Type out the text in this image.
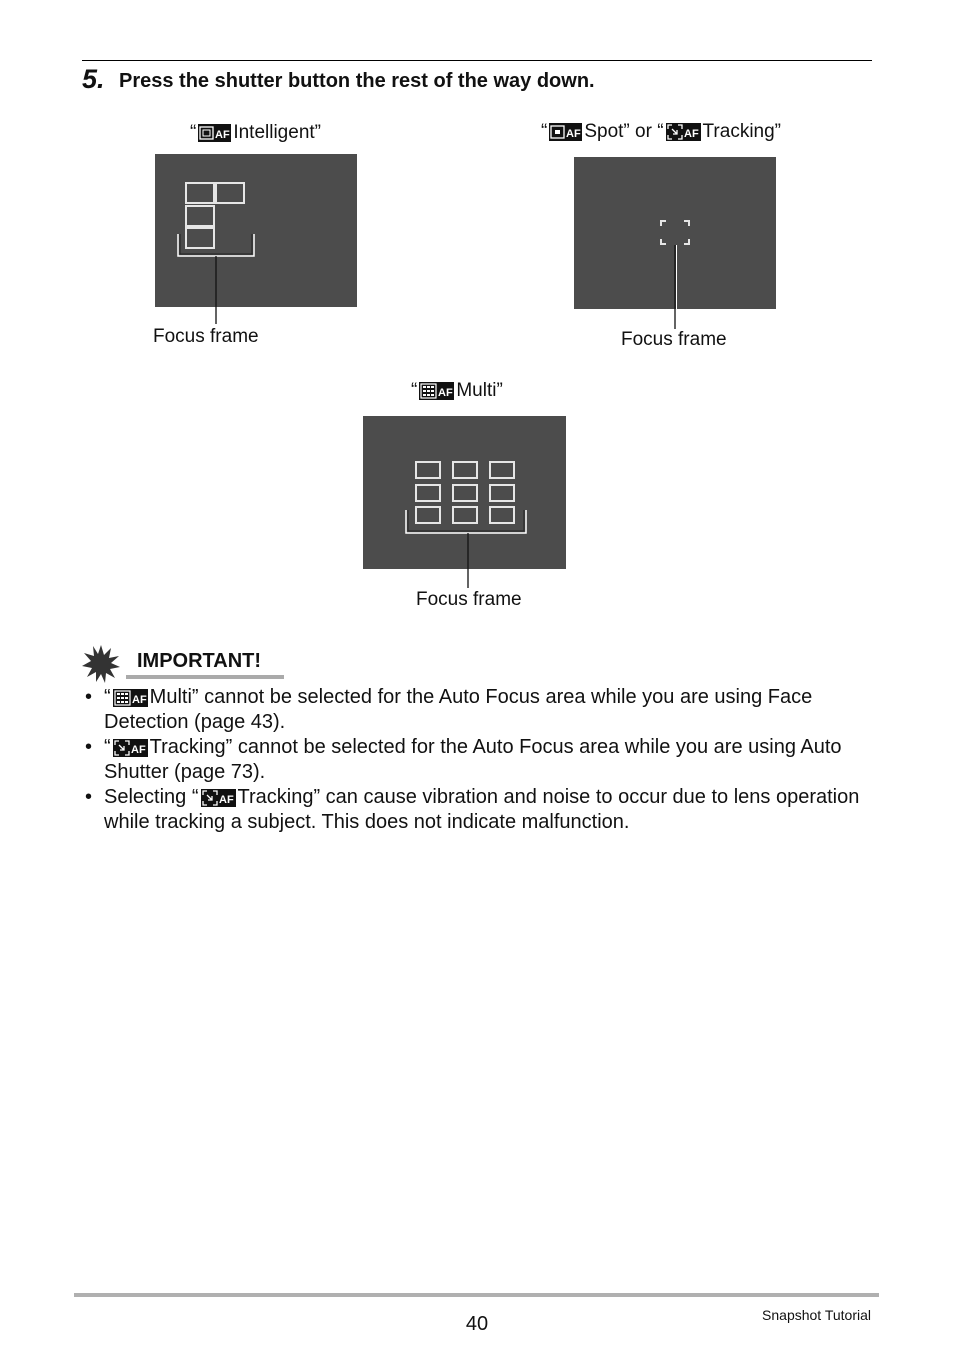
5. Press the shutter button the rest of the way down.
“ AF Intelligent”
Focus frame
“ AF Spot” or “ AF Tracking”
Focus frame
“ AF Multi”
Focus frame
IMPORTANT!

• “ AF Multi” cannot be selected for the Auto Focus area while you are using Face Detection (page 43).

• “ AF Tracking” cannot be selected for the Auto Focus area while you are using Auto Shutter (page 73).

• Selecting “ AF Tracking” can cause vibration and noise to occur due to lens operation while tracking a subject. This does not indicate malfunction.

40	Snapshot Tutorial
